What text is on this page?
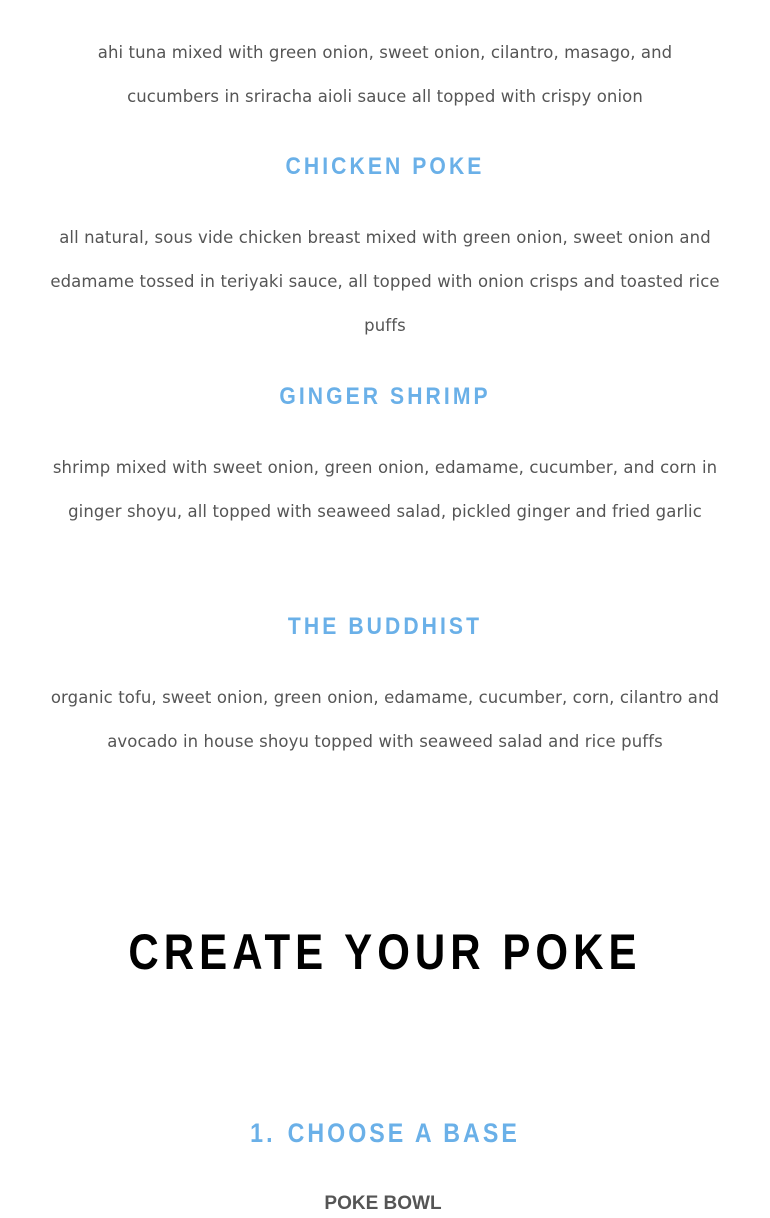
ahi tuna mixed with green onion, sweet onion, cilantro, masago, and cucumbers in sriracha aioli sauce all topped with crispy onion

CHICKEN POKE

all natural, sous vide chicken breast mixed with green onion, sweet onion and edamame tossed in teriyaki sauce, all topped with onion crisps and toasted rice puffs

GINGER SHRIMP

shrimp mixed with sweet onion, green onion, edamame, cucumber, and corn in ginger shoyu, all topped with seaweed salad, pickled ginger and fried garlic

THE BUDDHIST

organic tofu, sweet onion, green onion, edamame, cucumber, corn, cilantro and avocado in house shoyu topped with seaweed salad and rice puffs

CREATE YOUR POKE
1. CHOOSE A BASE

POKE BOWL
